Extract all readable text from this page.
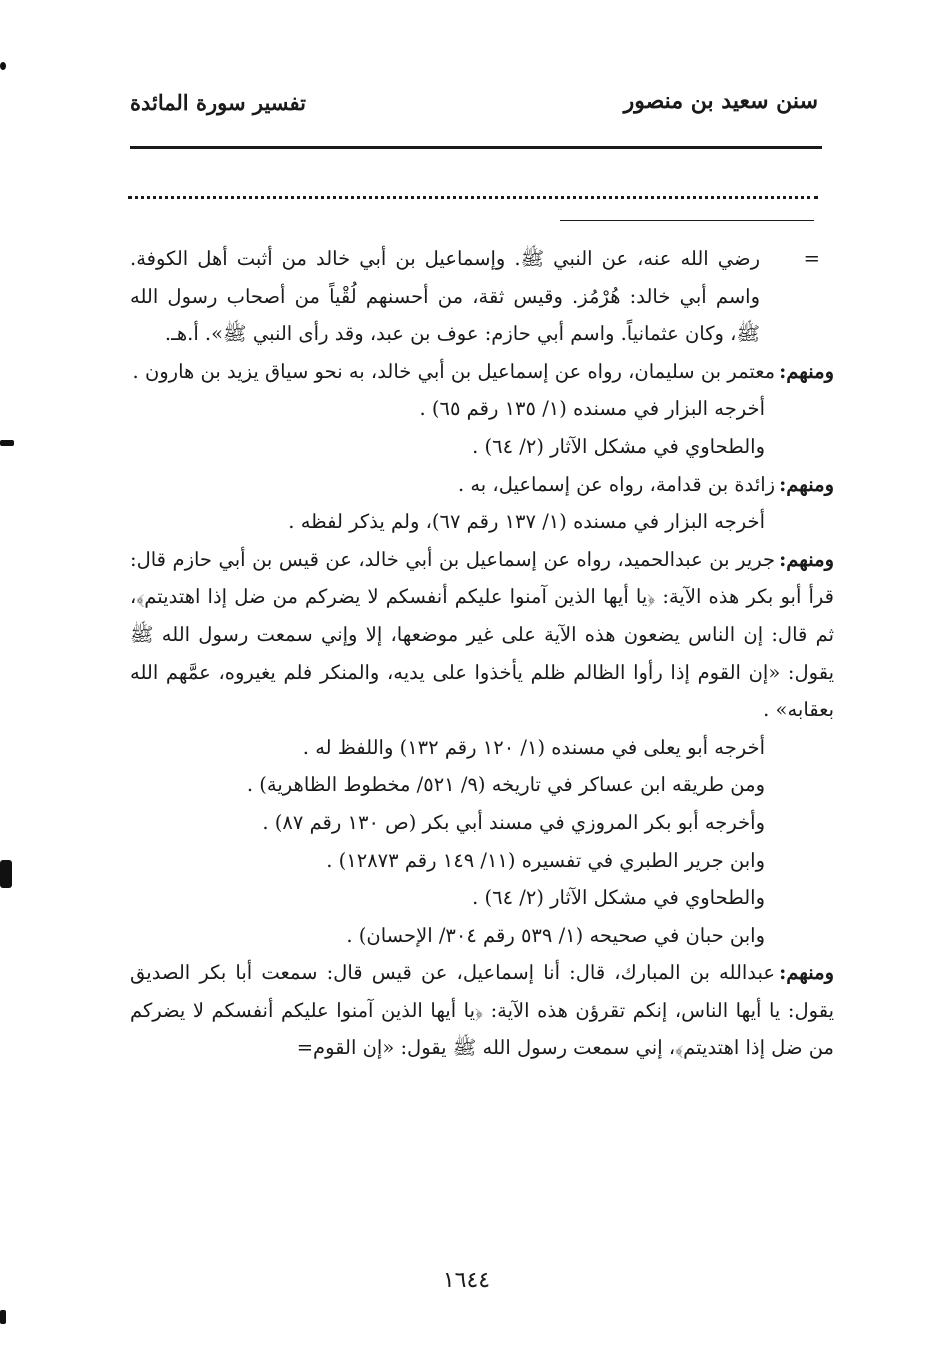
سنن سعيد بن منصور
تفسير سورة المائدة

=
رضي الله عنه، عن النبي ﷺ. وإسماعيل بن أبي خالد من أثبت أهل الكوفة. واسم أبي خالد: هُرْمُز. وقيس ثقة، من أحسنهم لُقْياً من أصحاب رسول الله ﷺ، وكان عثمانياً. واسم أبي حازم: عوف بن عبد، وقد رأى النبي ﷺ». أ.هـ.

ومنهم:معتمر بن سليمان، رواه عن إسماعيل بن أبي خالد، به نحو سياق يزيد بن هارون .

أخرجه البزار في مسنده (١/ ١٣٥ رقم ٦٥) .

والطحاوي في مشكل الآثار (٢/ ٦٤) .

ومنهم:زائدة بن قدامة، رواه عن إسماعيل، به .

أخرجه البزار في مسنده (١/ ١٣٧ رقم ٦٧)، ولم يذكر لفظه .

ومنهم:جرير بن عبدالحميد، رواه عن إسماعيل بن أبي خالد، عن قيس بن أبي حازم قال: قرأ أبو بكر هذه الآية: ﴿يا أيها الذين آمنوا عليكم أنفسكم لا يضركم من ضل إذا اهتديتم﴾، ثم قال: إن الناس يضعون هذه الآية على غير موضعها، إلا وإني سمعت رسول الله ﷺ يقول: «إن القوم إذا رأوا الظالم ظلم يأخذوا على يديه، والمنكر فلم يغيروه، عمَّهم الله بعقابه» .

أخرجه أبو يعلى في مسنده (١/ ١٢٠ رقم ١٣٢) واللفظ له .

ومن طريقه ابن عساكر في تاريخه (٩/ ٥٢١/ مخطوط الظاهرية) .

وأخرجه أبو بكر المروزي في مسند أبي بكر (ص ١٣٠ رقم ٨٧) .

وابن جرير الطبري في تفسيره (١١/ ١٤٩ رقم ١٢٨٧٣) .

والطحاوي في مشكل الآثار (٢/ ٦٤) .

وابن حبان في صحيحه (١/ ٥٣٩ رقم ٣٠٤/ الإحسان) .

ومنهم:عبدالله بن المبارك، قال: أنا إسماعيل، عن قيس قال: سمعت أبا بكر الصديق يقول: يا أيها الناس، إنكم تقرؤن هذه الآية: ﴿يا أيها الذين آمنوا عليكم أنفسكم لا يضركم من ضل إذا اهتديتم﴾، إني سمعت رسول الله ﷺ يقول: «إن القوم=

١٦٤٤
